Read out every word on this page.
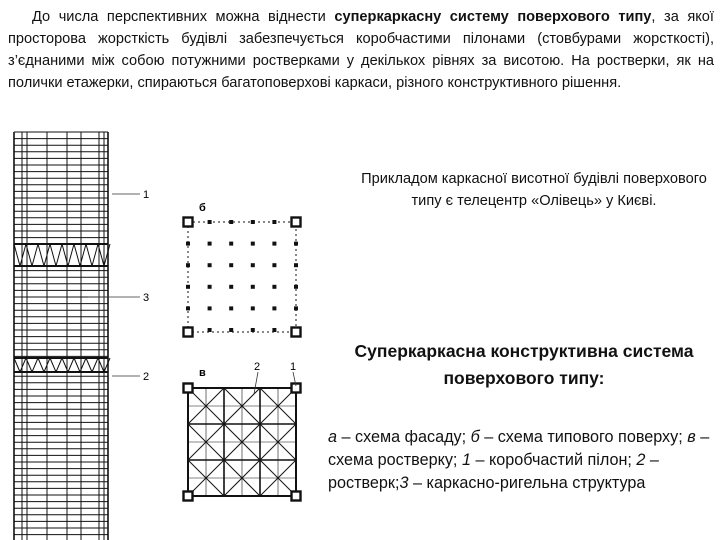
До числа перспективних можна віднести суперкаркасну систему поверхового типу, за якої просторова жорсткість будівлі забезпечується коробчастими пілонами (стовбурами жорсткості), з’єднаними між собою потужними ростверками у декількох рівнях за висотою. На ростверки, як на полички етажерки, спираються багатоповерхові каркаси, різного конструктивного рішення.

1
3
2
б
в	2	1

Прикладом каркасної висотної будівлі поверхового типу є телецентр «Олівець» у Києві.

Суперкаркасна конструктивна система поверхового типу:

а – схема фасаду; б – схема типового поверху; в – схема ростверку; 1 – коробчастий пілон; 2 – ростверк;3 – каркасно-ригельна структура
